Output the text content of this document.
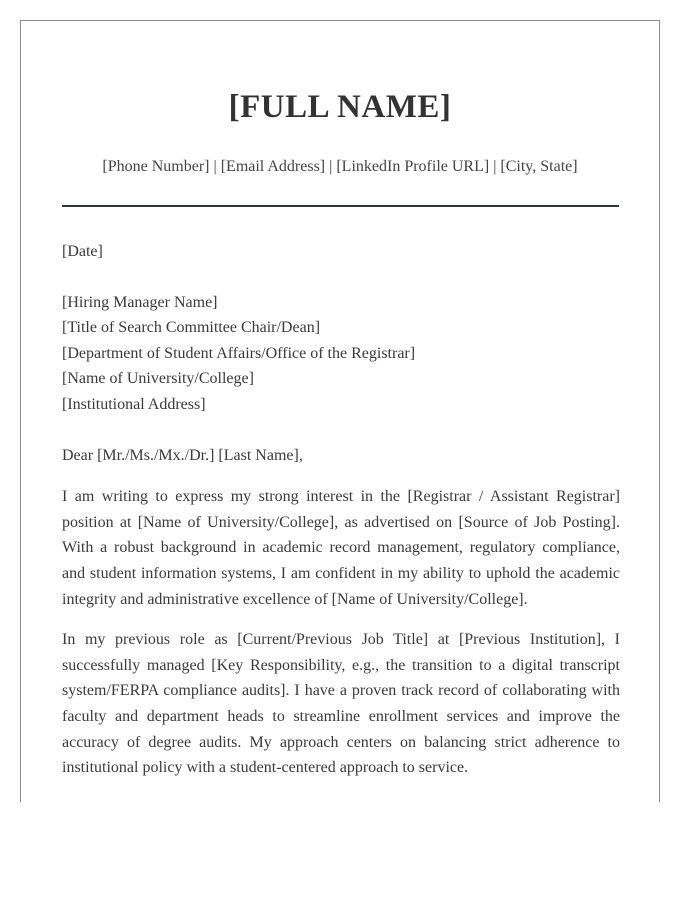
[FULL NAME]
[Phone Number] | [Email Address] | [LinkedIn Profile URL] | [City, State]
[Date]
[Hiring Manager Name]
[Title of Search Committee Chair/Dean]
[Department of Student Affairs/Office of the Registrar]
[Name of University/College]
[Institutional Address]
Dear [Mr./Ms./Mx./Dr.] [Last Name],
I am writing to express my strong interest in the [Registrar / Assistant Registrar] position at [Name of University/College], as advertised on [Source of Job Posting]. With a robust background in academic record management, regulatory compliance, and student information systems, I am confident in my ability to uphold the academic integrity and administrative excellence of [Name of University/College].
In my previous role as [Current/Previous Job Title] at [Previous Institution], I successfully managed [Key Responsibility, e.g., the transition to a digital transcript system/FERPA compliance audits]. I have a proven track record of collaborating with faculty and department heads to streamline enrollment services and improve the accuracy of degree audits. My approach centers on balancing strict adherence to institutional policy with a student-centered approach to service.
